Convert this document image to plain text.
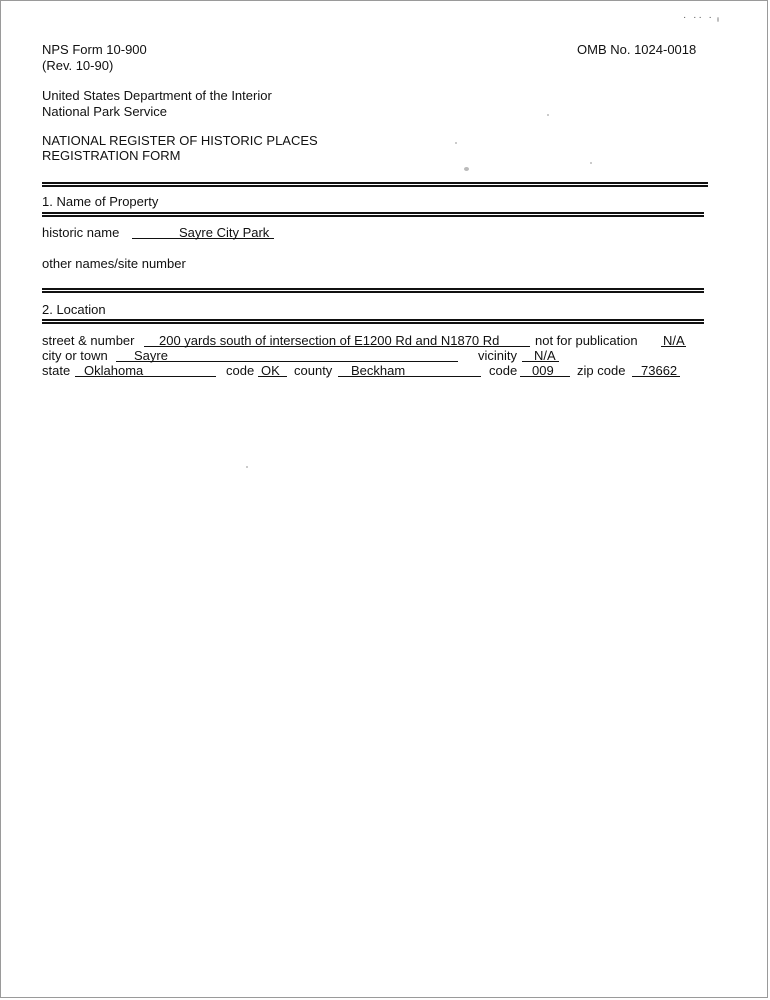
· ·· ·
NPS Form 10-900
(Rev. 10-90)
OMB No. 1024-0018
United States Department of the Interior
National Park Service
NATIONAL REGISTER OF HISTORIC PLACES
REGISTRATION FORM
1. Name of Property
historic name	Sayre City Park
other names/site number
2. Location
street & number	200 yards south of intersection of E1200 Rd and N1870 Rd	not for publication N/A
city or town	Sayre	vicinity	N/A
state	Oklahoma	code OK	county	Beckham	code	009	zip code	73662
